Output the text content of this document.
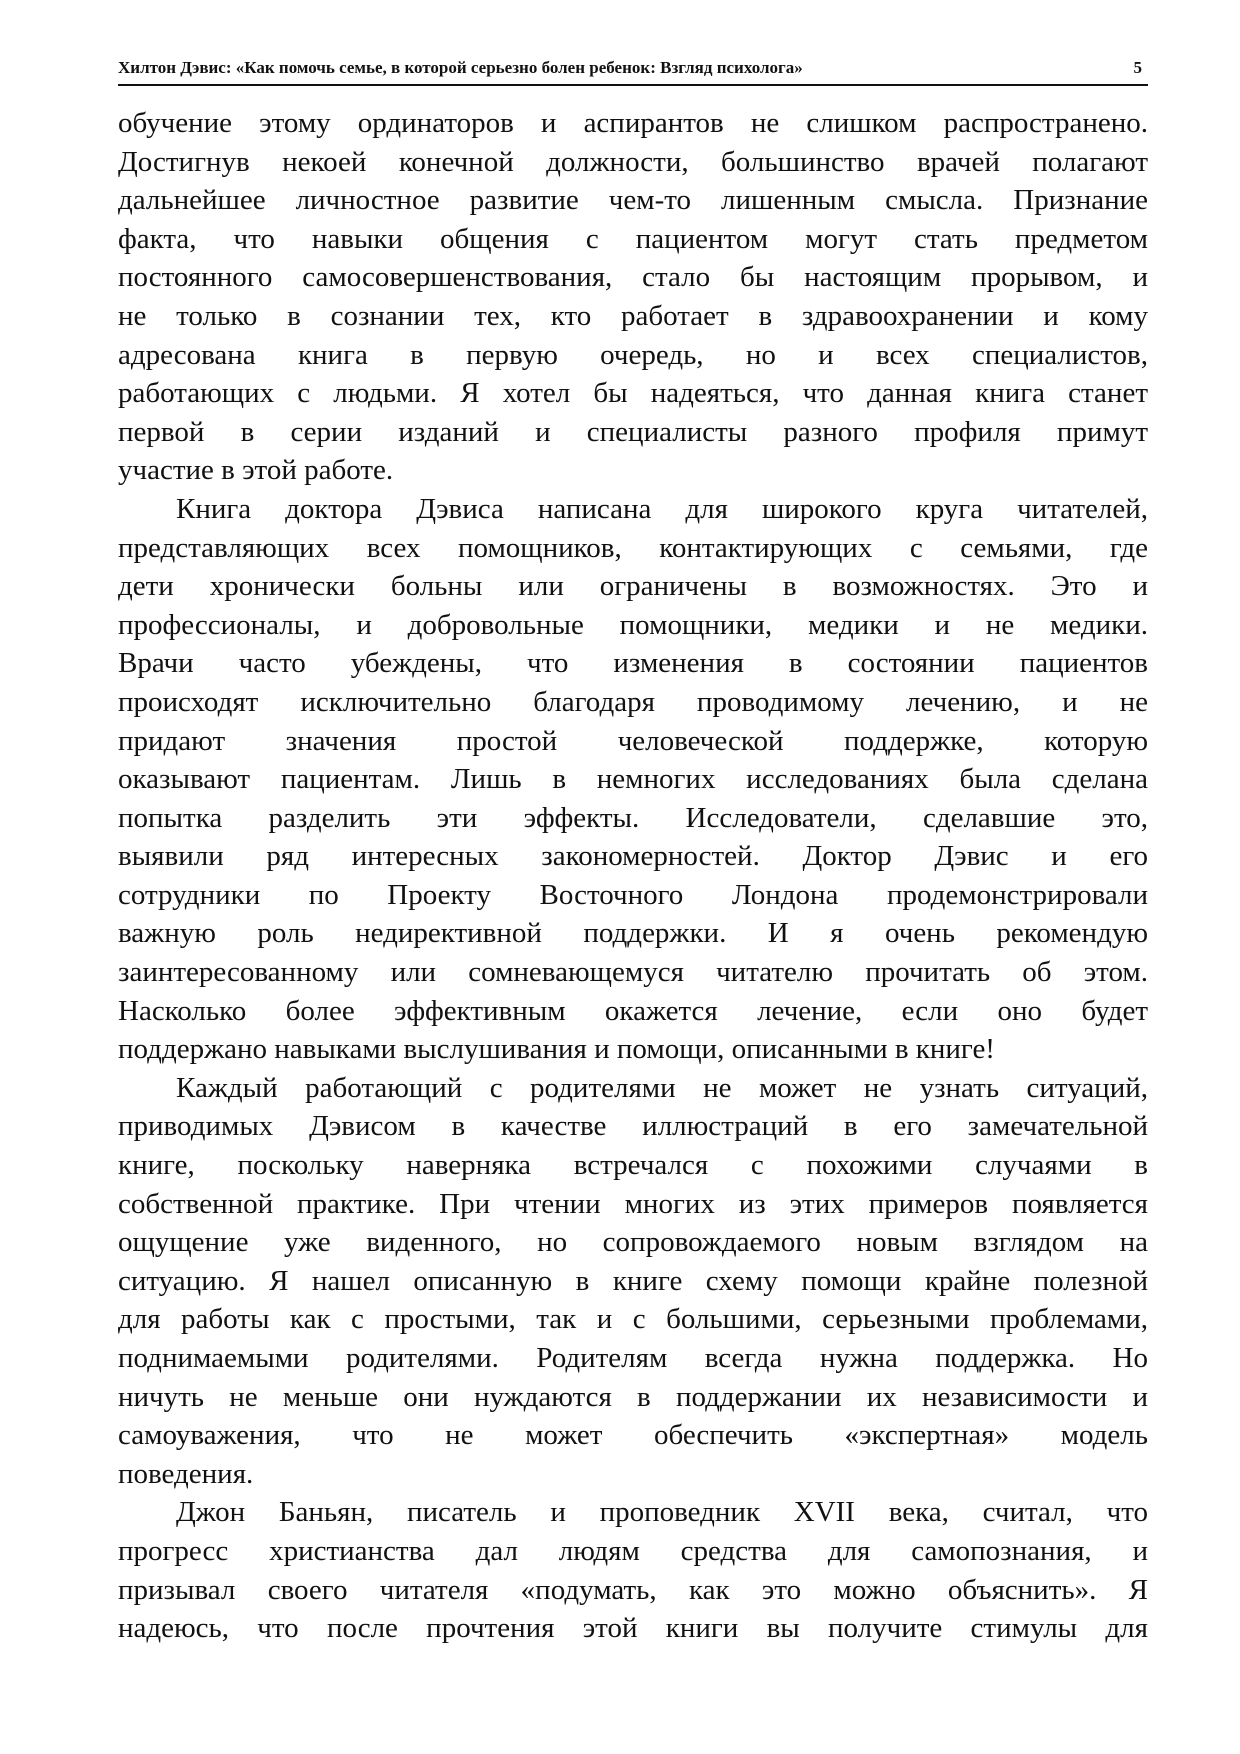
Хилтон Дэвис: «Как помочь семье, в которой серьезно болен ребенок: Взгляд психолога»	5
обучение этому ординаторов и аспирантов не слишком распространено.
Достигнув некоей конечной должности, большинство врачей полагают
дальнейшее личностное развитие чем-то лишенным смысла. Признание
факта, что навыки общения с пациентом могут стать предметом
постоянного самосовершенствования, стало бы настоящим прорывом, и
не только в сознании тех, кто работает в здравоохранении и кому
адресована книга в первую очередь, но и всех специалистов,
работающих с людьми. Я хотел бы надеяться, что данная книга станет
первой в серии изданий и специалисты разного профиля примут
участие в этой работе.
Книга доктора Дэвиса написана для широкого круга читателей,
представляющих всех помощников, контактирующих с семьями, где
дети хронически больны или ограничены в возможностях. Это и
профессионалы, и добровольные помощники, медики и не медики.
Врачи часто убеждены, что изменения в состоянии пациентов
происходят исключительно благодаря проводимому лечению, и не
придают значения простой человеческой поддержке, которую
оказывают пациентам. Лишь в немногих исследованиях была сделана
попытка разделить эти эффекты. Исследователи, сделавшие это,
выявили ряд интересных закономерностей. Доктор Дэвис и его
сотрудники по Проекту Восточного Лондона продемонстрировали
важную роль недирективной поддержки. И я очень рекомендую
заинтересованному или сомневающемуся читателю прочитать об этом.
Насколько более эффективным окажется лечение, если оно будет
поддержано навыками выслушивания и помощи, описанными в книге!
Каждый работающий с родителями не может не узнать ситуаций,
приводимых Дэвисом в качестве иллюстраций в его замечательной
книге, поскольку наверняка встречался с похожими случаями в
собственной практике. При чтении многих из этих примеров появляется
ощущение уже виденного, но сопровождаемого новым взглядом на
ситуацию. Я нашел описанную в книге схему помощи крайне полезной
для работы как с простыми, так и с большими, серьезными проблемами,
поднимаемыми родителями. Родителям всегда нужна поддержка. Но
ничуть не меньше они нуждаются в поддержании их независимости и
самоуважения, что не может обеспечить «экспертная» модель
поведения.
Джон Баньян, писатель и проповедник XVII века, считал, что
прогресс христианства дал людям средства для самопознания, и
призывал своего читателя «подумать, как это можно объяснить». Я
надеюсь, что после прочтения этой книги вы получите стимулы для
